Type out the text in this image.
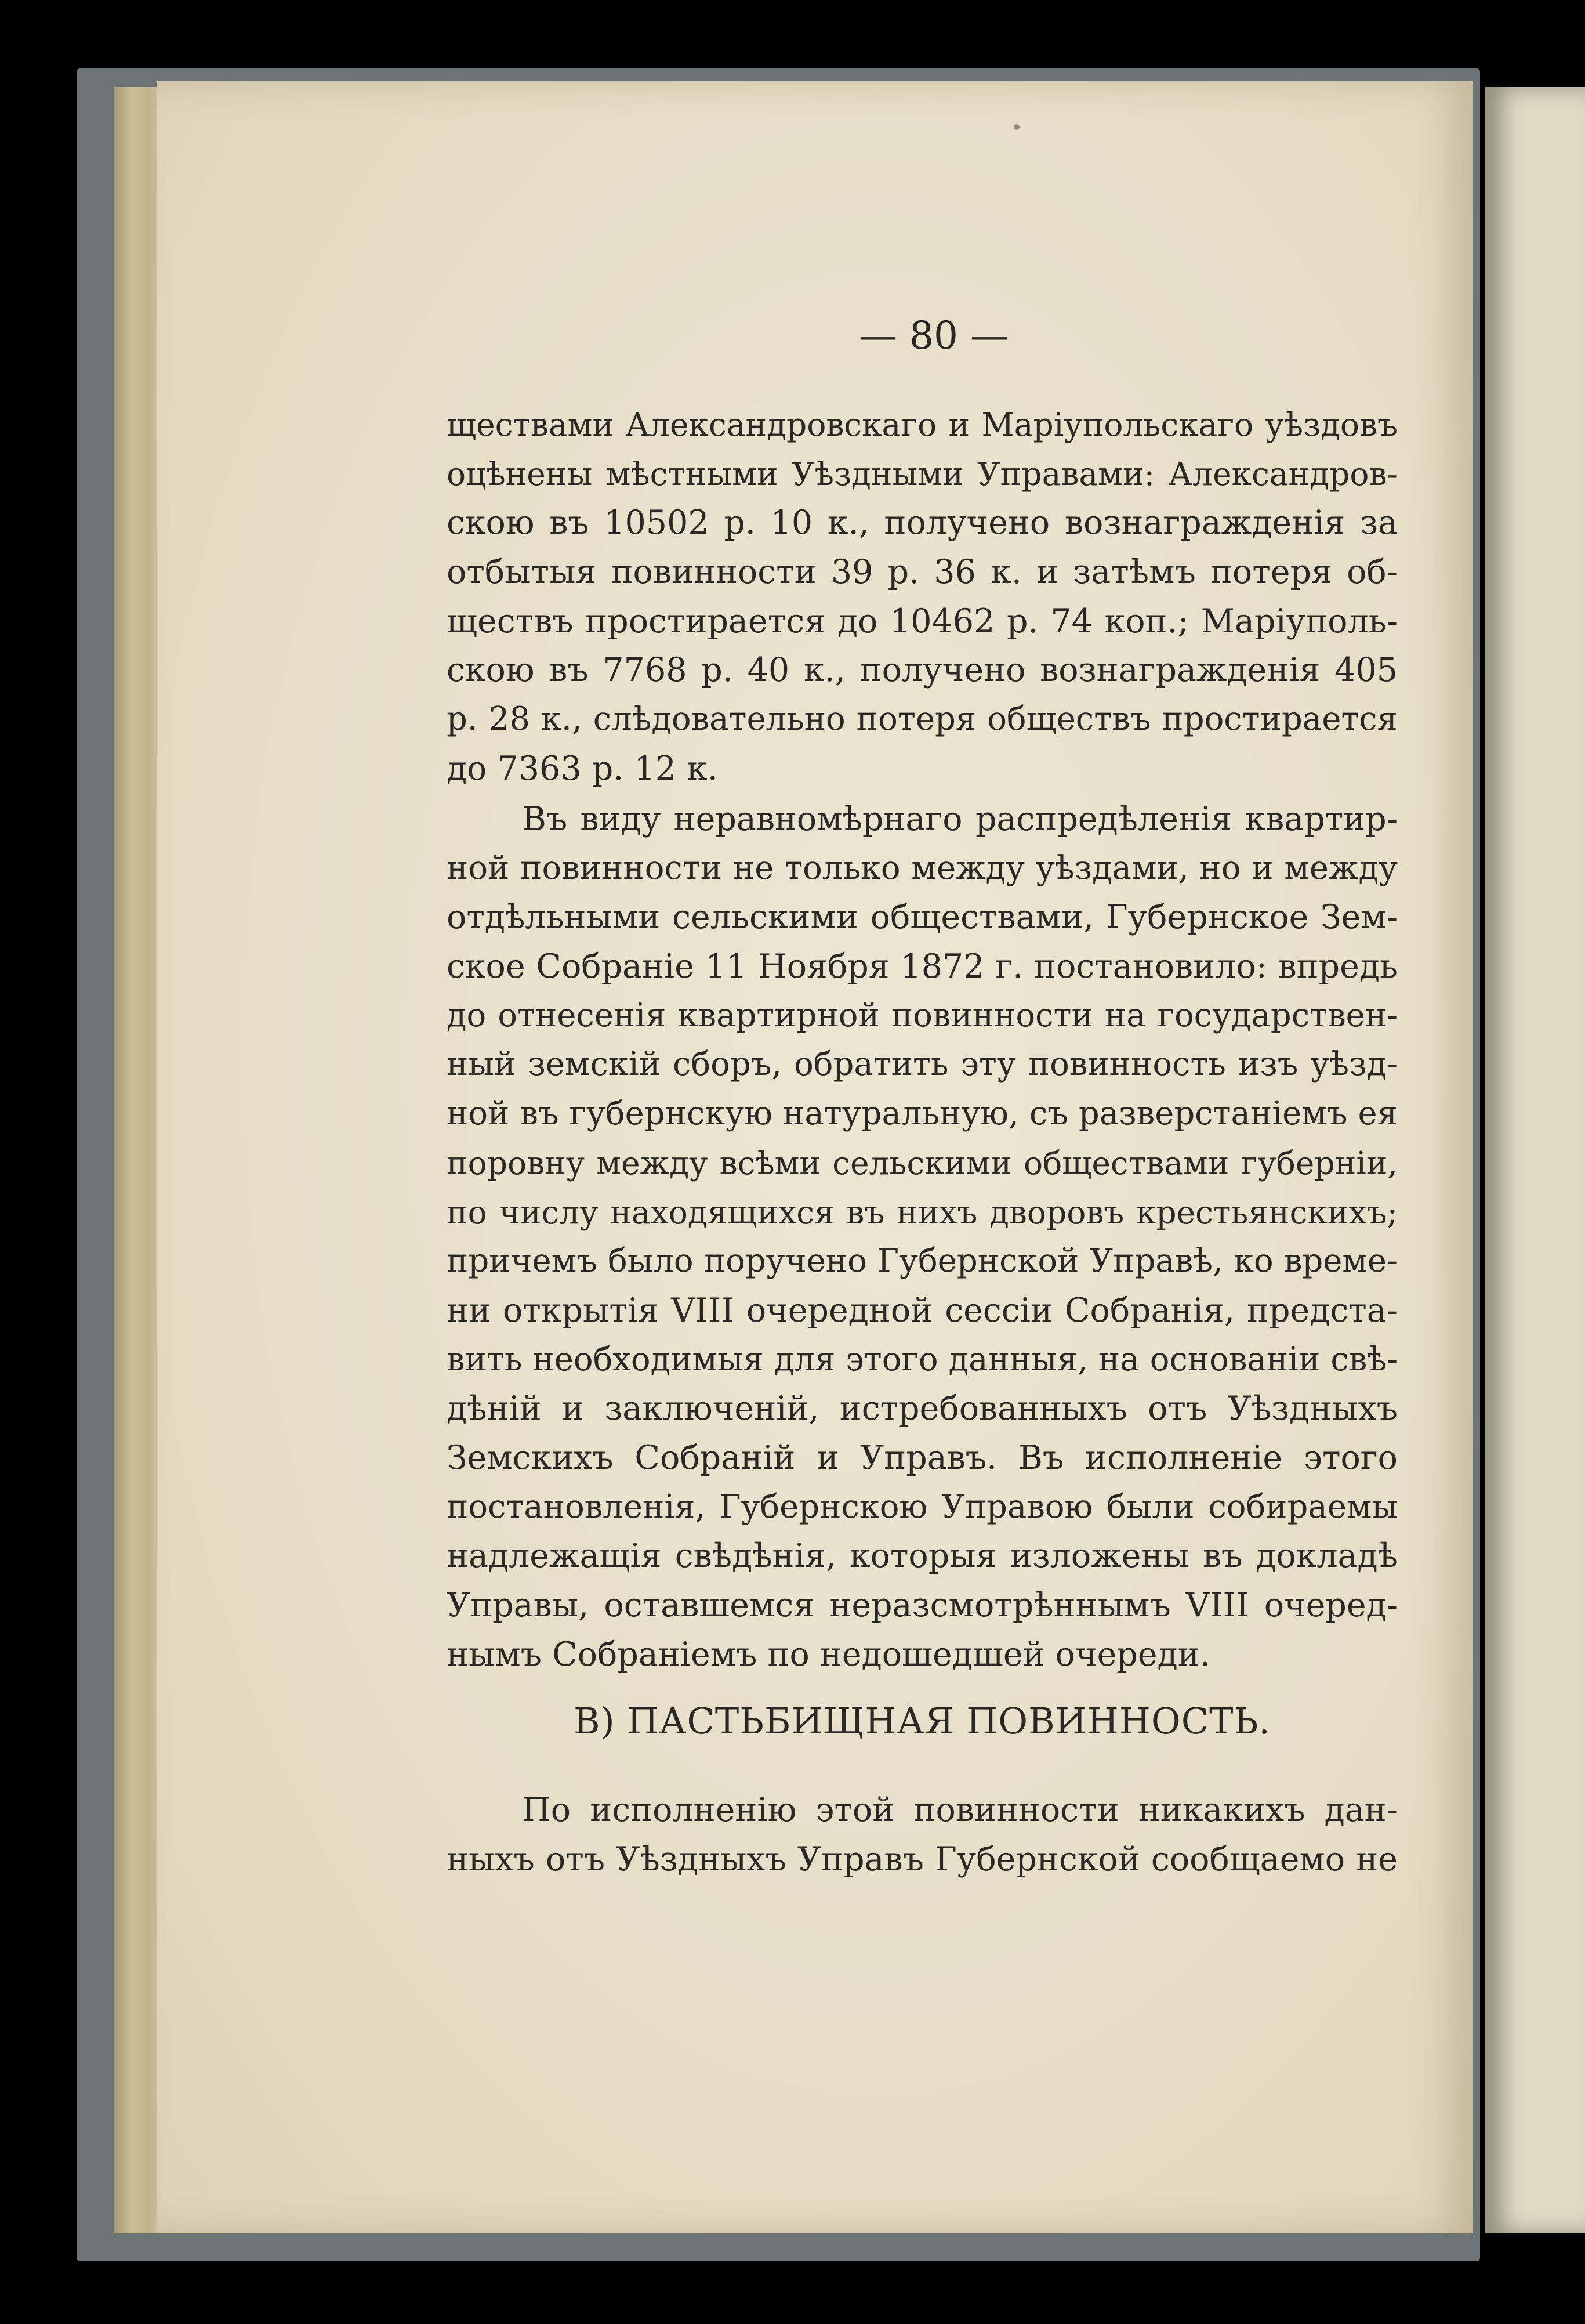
— 80 —
ществами Александровскаго и Маріупольскаго уѣздовъ
оцѣнены мѣстными Уѣздными Управами: Александров-
скою въ 10502 р. 10 к., получено вознагражденія за
отбытыя повинности 39 р. 36 к. и затѣмъ потеря об-
ществъ простирается до 10462 р. 74 коп.; Маріуполь-
скою въ 7768 р. 40 к., получено вознагражденія 405
р. 28 к., слѣдовательно потеря обществъ простирается
до 7363 р. 12 к.
Въ виду неравномѣрнаго распредѣленія квартир-
ной повинности не только между уѣздами, но и между
отдѣльными сельскими обществами, Губернское Зем-
ское Собраніе 11 Ноября 1872 г. постановило: впредь
до отнесенія квартирной повинности на государствен-
ный земскій сборъ, обратить эту повинность изъ уѣзд-
ной въ губернскую натуральную, съ разверстаніемъ ея
поровну между всѣми сельскими обществами губерніи,
по числу находящихся въ нихъ дворовъ крестьянскихъ;
причемъ было поручено Губернской Управѣ, ко време-
ни открытія VIII очередной сессіи Собранія, предста-
вить необходимыя для этого данныя, на основаніи свѣ-
дѣній и заключеній, истребованныхъ отъ Уѣздныхъ
Земскихъ Собраній и Управъ. Въ исполненіе этого
постановленія, Губернскою Управою были собираемы
надлежащія свѣдѣнія, которыя изложены въ докладѣ
Управы, оставшемся неразсмотрѣннымъ VIII очеред-
нымъ Собраніемъ по недошедшей очереди.
В) ПАСТЬБИЩНАЯ ПОВИННОСТЬ.
По исполненію этой повинности никакихъ дан-
ныхъ отъ Уѣздныхъ Управъ Губернской сообщаемо не
